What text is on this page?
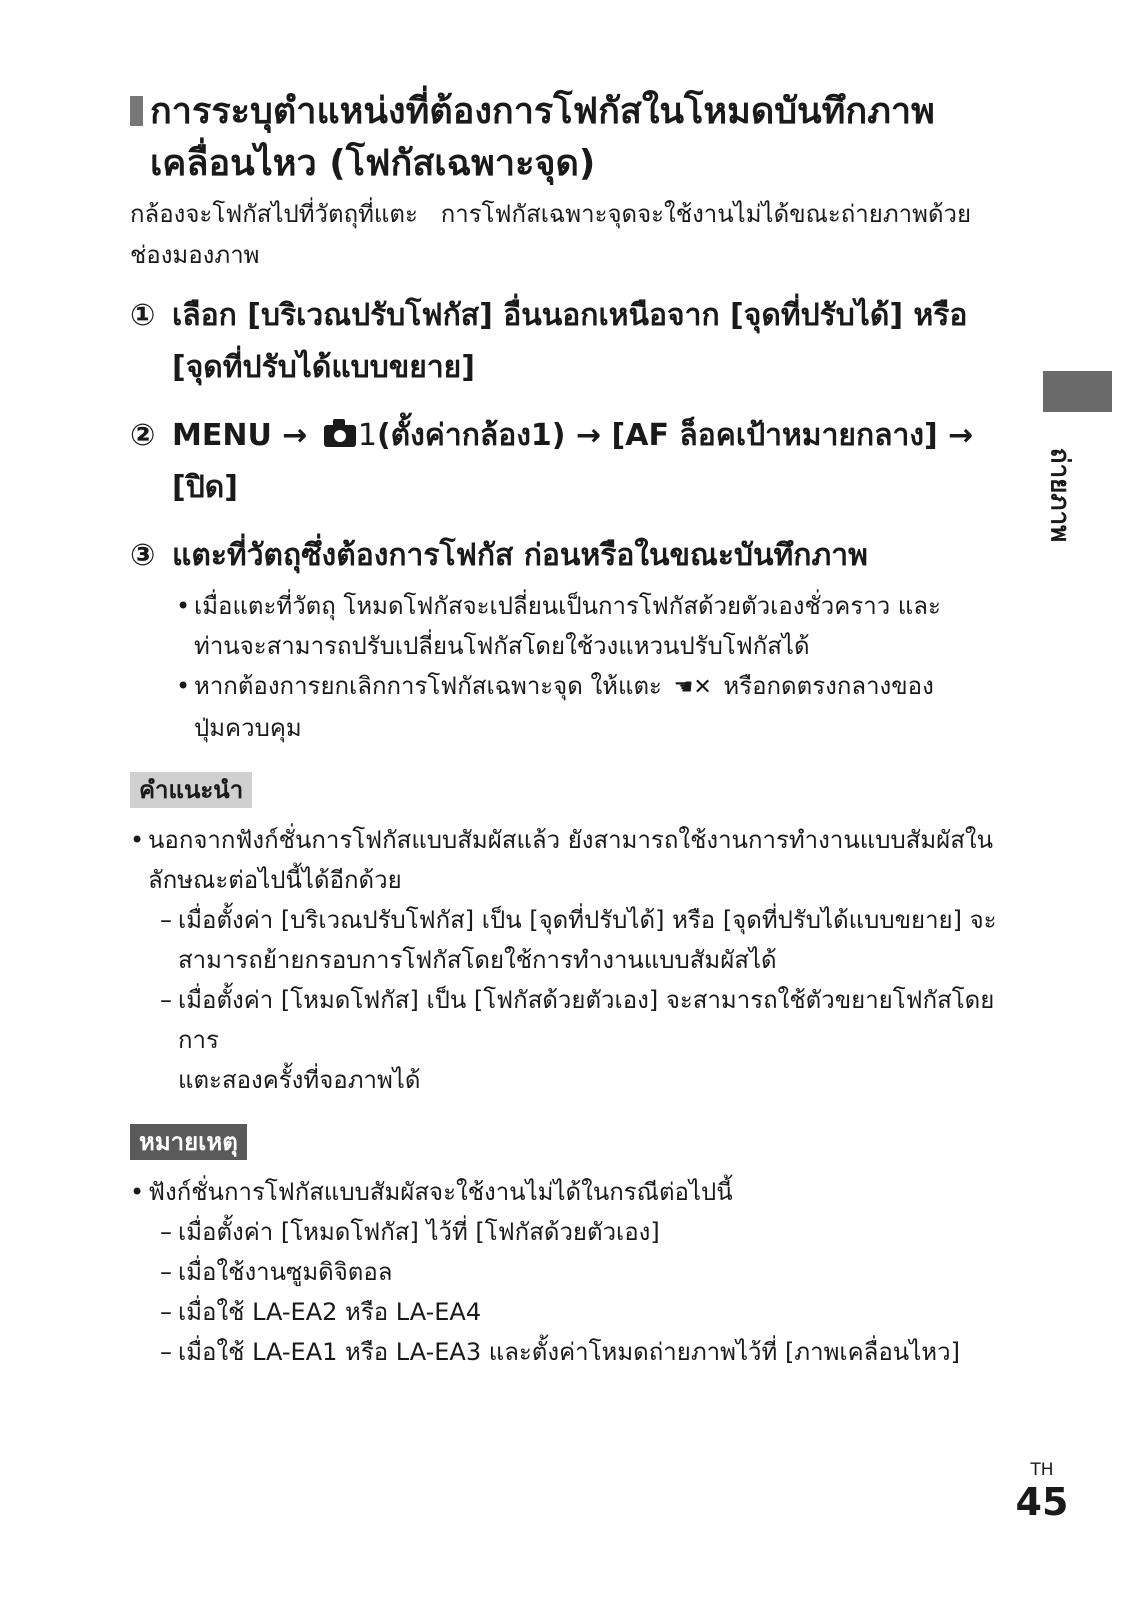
การระบุตำแหน่งที่ต้องการโฟกัสในโหมดบันทึกภาพ
เคลื่อนไหว (โฟกัสเฉพาะจุด)

กล้องจะโฟกัสไปที่วัตถุที่แตะ   การโฟกัสเฉพาะจุดจะใช้งานไม่ได้ขณะถ่ายภาพด้วย
ช่องมองภาพ

① เลือก [บริเวณปรับโฟกัส] อื่นนอกเหนือจาก [จุดที่ปรับได้] หรือ
[จุดที่ปรับได้แบบขยาย]
② MENU → 1(ตั้งค่ากล้อง1) → [AF ล็อคเป้าหมายกลาง] →
[ปิด]
③ แตะที่วัตถุซึ่งต้องการโฟกัส ก่อนหรือในขณะบันทึกภาพ
• เมื่อแตะที่วัตถุ โหมดโฟกัสจะเปลี่ยนเป็นการโฟกัสด้วยตัวเองชั่วคราว และ
ท่านจะสามารถปรับเปลี่ยนโฟกัสโดยใช้วงแหวนปรับโฟกัสได้
• หากต้องการยกเลิกการโฟกัสเฉพาะจุด ให้แตะ ☚✕ หรือกดตรงกลางของ
ปุ่มควบคุม
คำแนะนำ
• นอกจากฟังก์ชั่นการโฟกัสแบบสัมผัสแล้ว ยังสามารถใช้งานการทำงานแบบสัมผัสใน
ลักษณะต่อไปนี้ได้อีกด้วย
– เมื่อตั้งค่า [บริเวณปรับโฟกัส] เป็น [จุดที่ปรับได้] หรือ [จุดที่ปรับได้แบบขยาย] จะ
สามารถย้ายกรอบการโฟกัสโดยใช้การทำงานแบบสัมผัสได้
– เมื่อตั้งค่า [โหมดโฟกัส] เป็น [โฟกัสด้วยตัวเอง] จะสามารถใช้ตัวขยายโฟกัสโดยการ
แตะสองครั้งที่จอภาพได้
หมายเหตุ
• ฟังก์ชั่นการโฟกัสแบบสัมผัสจะใช้งานไม่ได้ในกรณีต่อไปนี้
– เมื่อตั้งค่า [โหมดโฟกัส] ไว้ที่ [โฟกัสด้วยตัวเอง]
– เมื่อใช้งานซูมดิจิตอล
– เมื่อใช้ LA-EA2 หรือ LA-EA4
– เมื่อใช้ LA-EA1 หรือ LA-EA3 และตั้งค่าโหมดถ่ายภาพไว้ที่ [ภาพเคลื่อนไหว]
ถ่ายภาพ
TH
45
